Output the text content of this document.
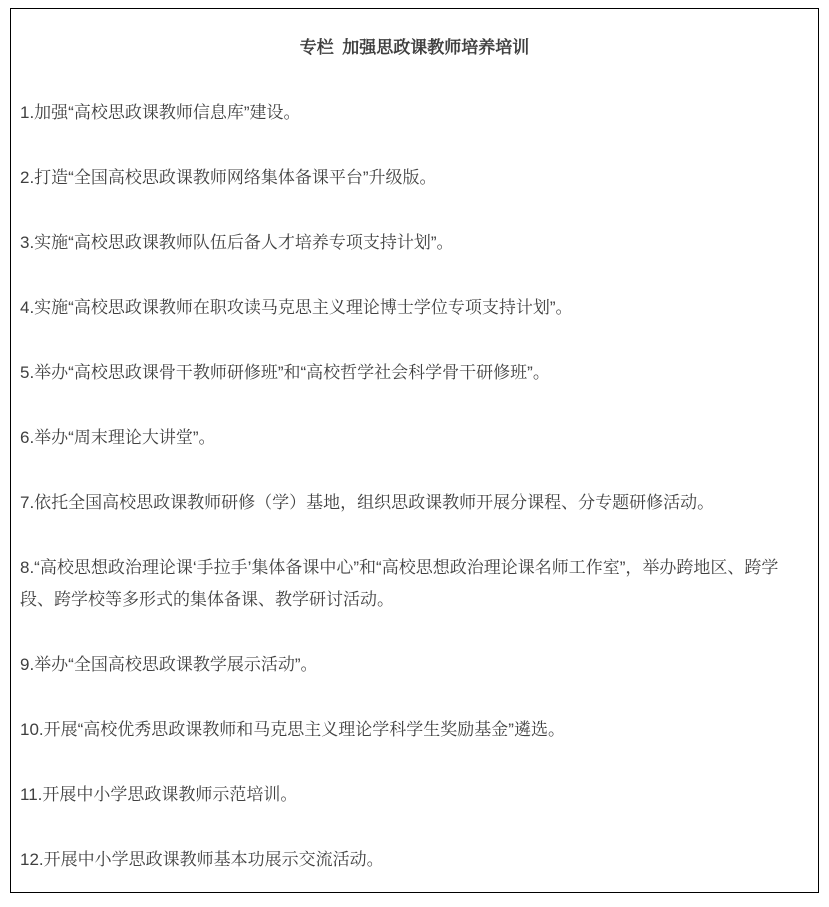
专栏 加强思政课教师培养培训

1.加强“高校思政课教师信息库”建设。

2.打造“全国高校思政课教师网络集体备课平台”升级版。

3.实施“高校思政课教师队伍后备人才培养专项支持计划”。

4.实施“高校思政课教师在职攻读马克思主义理论博士学位专项支持计划”。

5.举办“高校思政课骨干教师研修班”和“高校哲学社会科学骨干研修班”。

6.举办“周末理论大讲堂”。

7.依托全国高校思政课教师研修（学）基地，组织思政课教师开展分课程、分专题研修活动。

8.“高校思想政治理论课‘手拉手’集体备课中心”和“高校思想政治理论课名师工作室”，举办跨地区、跨学段、跨学校等多形式的集体备课、教学研讨活动。

9.举办“全国高校思政课教学展示活动”。

10.开展“高校优秀思政课教师和马克思主义理论学科学生奖励基金”遴选。

11.开展中小学思政课教师示范培训。

12.开展中小学思政课教师基本功展示交流活动。
